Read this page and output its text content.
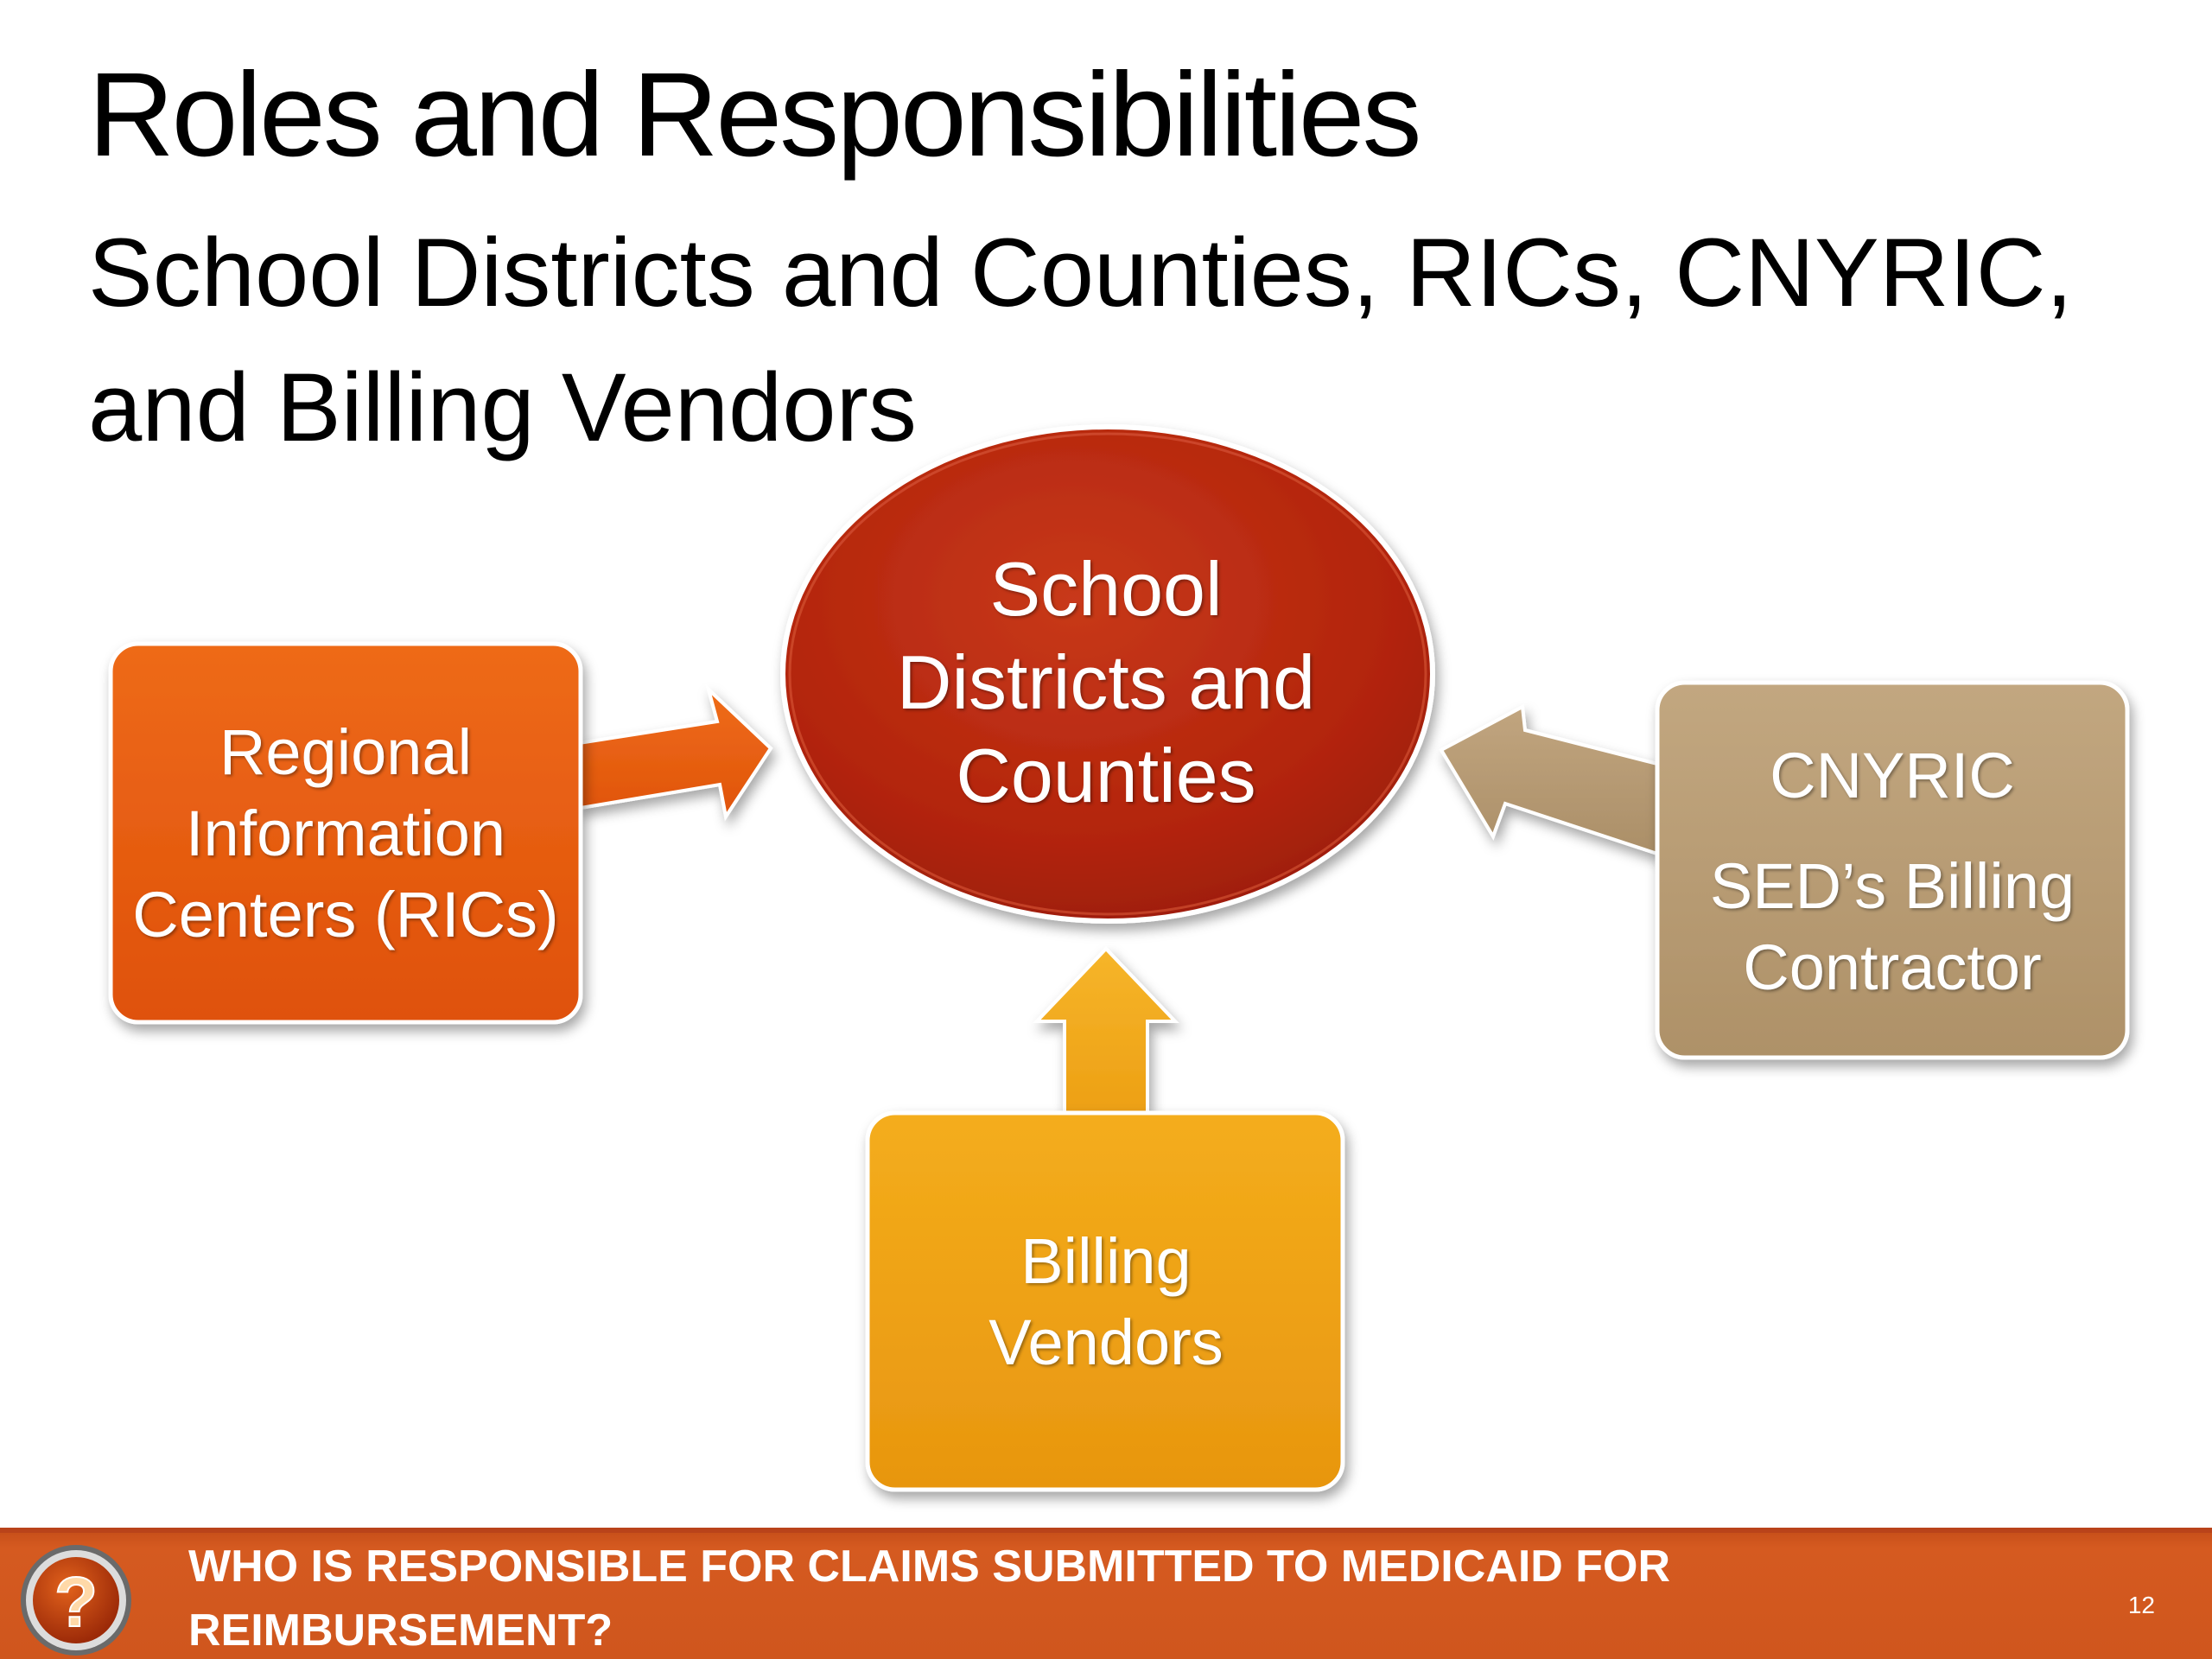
Roles and Responsibilities
School Districts and Counties, RICs, CNYRIC,
and Billing Vendors
School
Districts and
Counties
Regional
Information
Centers (RICs)
CNYRIC
SED’s Billing
Contractor
Billing
Vendors
? WHO IS RESPONSIBLE FOR CLAIMS SUBMITTED TO MEDICAID FOR
REIMBURSEMENT?
12
